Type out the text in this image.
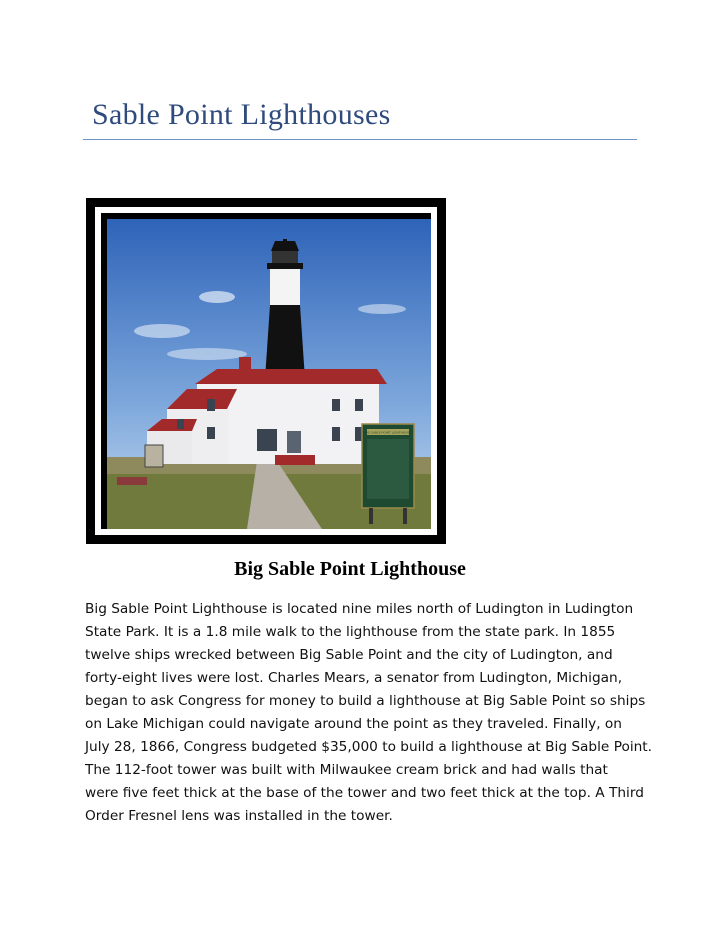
Sable Point Lighthouses
BIG SABLE POINT LIGHTHOUSE
Big Sable Point Lighthouse
Big Sable Point Lighthouse is located nine miles north of Ludington in Ludington
State Park. It is a 1.8 mile walk to the lighthouse from the state park. In 1855
twelve ships wrecked between Big Sable Point and the city of Ludington, and
forty-eight lives were lost. Charles Mears, a senator from Ludington, Michigan,
began to ask Congress for money to build a lighthouse at Big Sable Point so ships
on Lake Michigan could navigate around the point as they traveled. Finally, on
July 28, 1866, Congress budgeted $35,000 to build a lighthouse at Big Sable Point.
The 112-foot tower was built with Milwaukee cream brick and had walls that
were five feet thick at the base of the tower and two feet thick at the top. A Third
Order Fresnel lens was installed in the tower.
